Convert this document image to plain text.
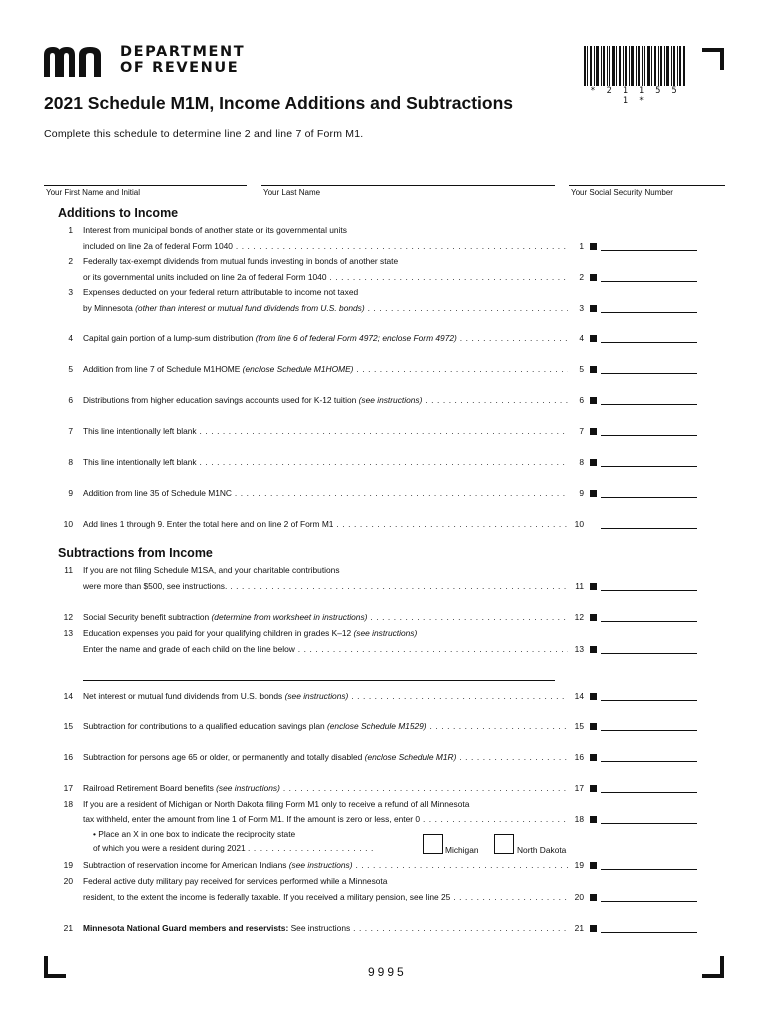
DEPARTMENT
OF REVENUE
* 2 1 1 5 5 1 *
2021 Schedule M1M, Income Additions and Subtractions
Complete this schedule to determine line 2 and line 7 of Form M1.
Your First Name and Initial	Your Last Name	Your Social Security Number
Additions to Income
1 Interest from municipal bonds of another state or its governmental units
included on line 2a of federal Form 1040 . . .	1
2 Federally tax-exempt dividends from mutual funds investing in bonds of another state
or its governmental units included on line 2a of federal Form 1040 . . .	2
3 Expenses deducted on your federal return attributable to income not taxed
by Minnesota (other than interest or mutual fund dividends from U.S. bonds) . . .	3
4 Capital gain portion of a lump-sum distribution (from line 6 of federal Form 4972; enclose Form 4972) . . .	4
5 Addition from line 7 of Schedule M1HOME (enclose Schedule M1HOME) . . .	5
6 Distributions from higher education savings accounts used for K-12 tuition (see instructions) . . .	6
7 This line intentionally left blank . . .	7
8 This line intentionally left blank . . .	8
9 Addition from line 35 of Schedule M1NC . . .	9
10 Add lines 1 through 9. Enter the total here and on line 2 of Form M1 . . .	10
Subtractions from Income
11 If you are not filing Schedule M1SA, and your charitable contributions
were more than $500, see instructions. . . .	11
12 Social Security benefit subtraction (determine from worksheet in instructions) . . .	12
13 Education expenses you paid for your qualifying children in grades K–12 (see instructions)
Enter the name and grade of each child on the line below . . .	13
14 Net interest or mutual fund dividends from U.S. bonds (see instructions) . . .	14
15 Subtraction for contributions to a qualified education savings plan (enclose Schedule M1529) . . .	15
16 Subtraction for persons age 65 or older, or permanently and totally disabled (enclose Schedule M1R) . . .	16
17 Railroad Retirement Board benefits (see instructions) . . .	17
18 If you are a resident of Michigan or North Dakota filing Form M1 only to receive a refund of all Minnesota
tax withheld, enter the amount from line 1 of Form M1. If the amount is zero or less, enter 0 . . .	18
• Place an X in one box to indicate the reciprocity state
of which you were a resident during 2021 . . . . . . . . . . . . . . . . . . . . . .	Michigan	North Dakota
19 Subtraction of reservation income for American Indians (see instructions) . . .	19
20 Federal active duty military pay received for services performed while a Minnesota
resident, to the extent the income is federally taxable. If you received a military pension, see line 25 . . .	20
21 Minnesota National Guard members and reservists: See instructions . . .	21
9995
